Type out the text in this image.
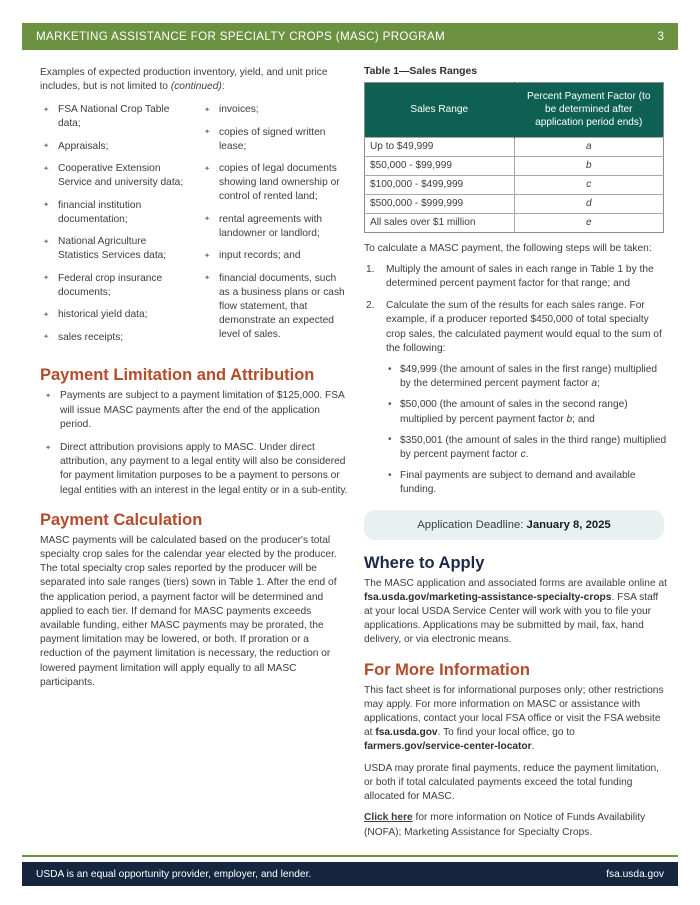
MARKETING ASSISTANCE FOR SPECIALTY CROPS (MASC) PROGRAM	3

Examples of expected production inventory, yield, and unit price includes, but is not limited to (continued):

✦ FSA National Crop Table data;
✦ Appraisals;
✦ Cooperative Extension Service and university data;
✦ financial institution documentation;
✦ National Agriculture Statistics Services data;
✦ Federal crop insurance documents;
✦ historical yield data;
✦ sales receipts;
✦ invoices;
✦ copies of signed written lease;
✦ copies of legal documents showing land ownership or control of rented land;
✦ rental agreements with landowner or landlord;
✦ input records; and
✦ financial documents, such as a business plans or cash flow statement, that demonstrate an expected level of sales.
Payment Limitation and Attribution
✦ Payments are subject to a payment limitation of $125,000. FSA will issue MASC payments after the end of the application period.
✦ Direct attribution provisions apply to MASC. Under direct attribution, any payment to a legal entity will also be considered for payment limitation purposes to be a payment to persons or legal entities with an interest in the legal entity or in a sub-entity.
Payment Calculation

MASC payments will be calculated based on the producer's total specialty crop sales for the calendar year elected by the producer. The total specialty crop sales reported by the producer will be separated into sale ranges (tiers) sown in Table 1. After the end of the application period, a payment factor will be determined and applied to each tier. If demand for MASC payments exceeds available funding, either MASC payments may be prorated, the payment limitation may be lowered, or both. If proration or a reduction of the payment limitation is necessary, the reduction or lowered payment limitation will apply equally to all MASC participants.

Table 1—Sales Ranges
Sales Range	Percent Payment Factor (to be determined after application period ends)
Up to $49,999	a
$50,000 - $99,999	b
$100,000 - $499,999	c
$500,000 - $999,999	d
All sales over $1 million	e

To calculate a MASC payment, the following steps will be taken:

Multiply the amount of sales in each range in Table 1 by the determined percent payment factor for that range; and
Calculate the sum of the results for each sales range. For example, if a producer reported $450,000 of total specialty crop sales, the calculated payment would equal to the sum of the following:
• $49,999 (the amount of sales in the first range) multiplied by the determined percent payment factor a;
• $50,000 (the amount of sales in the second range) multiplied by percent payment factor b; and
• $350,001 (the amount of sales in the third range) multiplied by percent payment factor c.
• Final payments are subject to demand and available funding.
Application Deadline: January 8, 2025
Where to Apply

The MASC application and associated forms are available online at fsa.usda.gov/marketing-assistance-specialty-crops. FSA staff at your local USDA Service Center will work with you to file your applications. Applications may be submitted by mail, fax, hand delivery, or via electronic means.

For More Information

This fact sheet is for informational purposes only; other restrictions may apply. For more information on MASC or assistance with applications, contact your local FSA office or visit the FSA website at fsa.usda.gov. To find your local office, go to farmers.gov/service-center-locator.

USDA may prorate final payments, reduce the payment limitation, or both if total calculated payments exceed the total funding allocated for MASC.

Click here for more information on Notice of Funds Availability (NOFA); Marketing Assistance for Specialty Crops.

USDA is an equal opportunity provider, employer, and lender.	fsa.usda.gov
